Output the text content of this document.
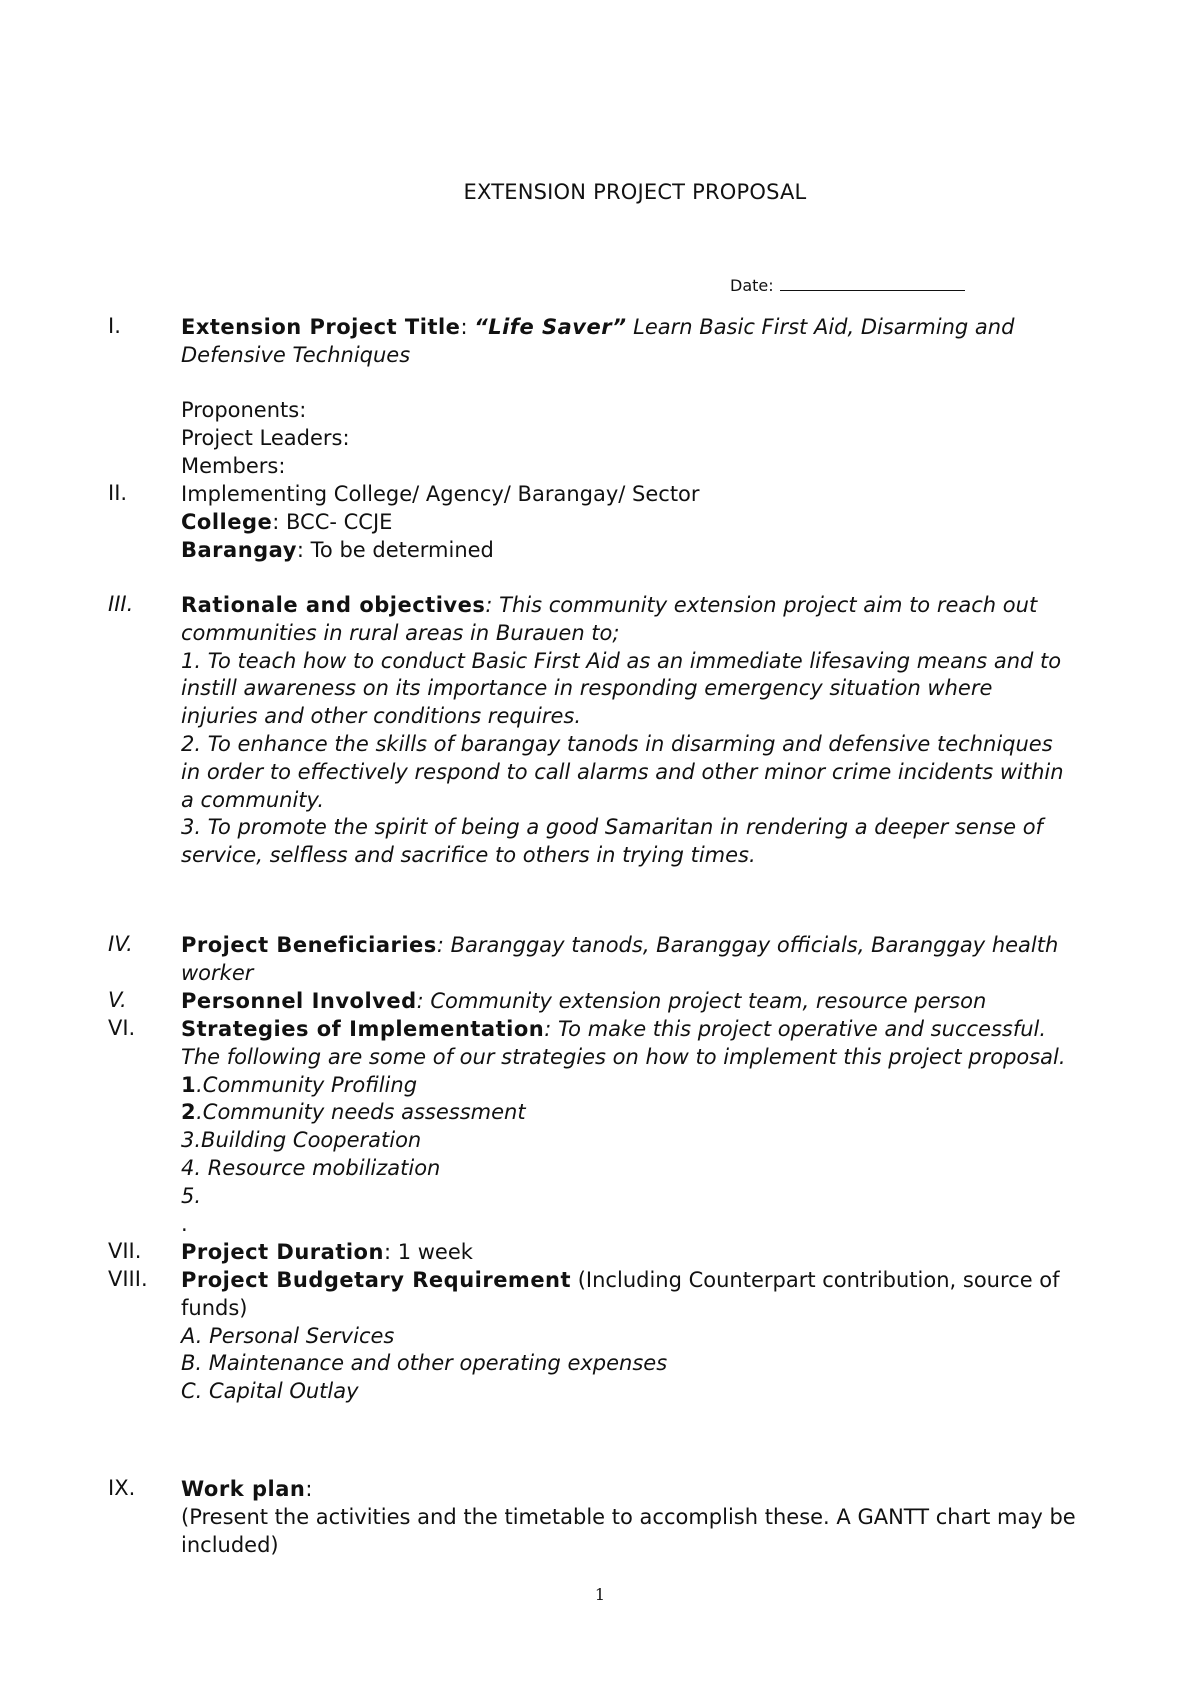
EXTENSION PROJECT PROPOSAL
Date:
I.	Extension Project Title: “Life Saver” Learn Basic First Aid, Disarming and
Defensive Techniques

Proponents:
Project Leaders:
Members:
II.	Implementing College/ Agency/ Barangay/ Sector
College: BCC- CCJE
Barangay: To be determined
III. Rationale and objectives: This community extension project aim to reach out
communities in rural areas in Burauen to;
1. To teach how to conduct Basic First Aid as an immediate lifesaving means and to
instill awareness on its importance in responding emergency situation where
injuries and other conditions requires.
2. To enhance the skills of barangay tanods in disarming and defensive techniques
in order to effectively respond to call alarms and other minor crime incidents within
a community.
3. To promote the spirit of being a good Samaritan in rendering a deeper sense of
service, selfless and sacrifice to others in trying times.
IV. Project Beneficiaries: Baranggay tanods, Baranggay officials, Baranggay health
worker
V.	Personnel Involved: Community extension project team, resource person
VI. Strategies of Implementation: To make this project operative and successful.
The following are some of our strategies on how to implement this project proposal.
1.Community Profiling
2.Community needs assessment
3.Building Cooperation
4. Resource mobilization
5.
.
VII. Project Duration: 1 week
VIII. Project Budgetary Requirement (Including Counterpart contribution, source of
funds)
A. Personal Services
B. Maintenance and other operating expenses
C. Capital Outlay
IX. Work plan:
(Present the activities and the timetable to accomplish these. A GANTT chart may be
included)
1
